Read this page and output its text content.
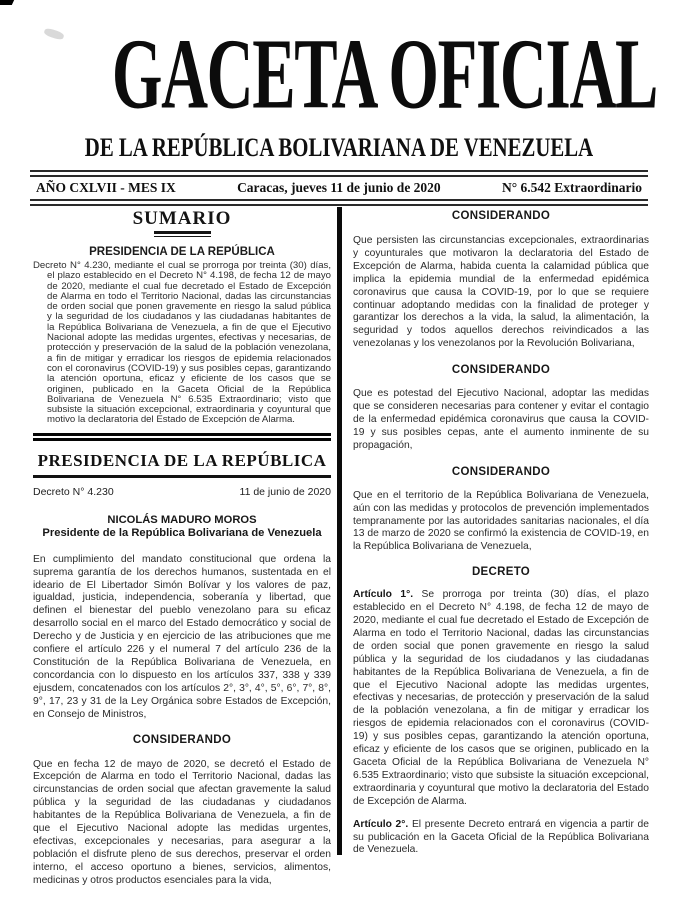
GACETA OFICIAL
DE LA REPÚBLICA BOLIVARIANA DE VENEZUELA
AÑO CXLVII - MES IX	Caracas, jueves 11 de junio de 2020	N° 6.542 Extraordinario
SUMARIO
PRESIDENCIA DE LA REPÚBLICA

Decreto N° 4.230, mediante el cual se prorroga por treinta (30) días, el plazo establecido en el Decreto N° 4.198, de fecha 12 de mayo de 2020, mediante el cual fue decretado el Estado de Excepción de Alarma en todo el Territorio Nacional, dadas las circunstancias de orden social que ponen gravemente en riesgo la salud pública y la seguridad de los ciudadanos y las ciudadanas habitantes de la República Bolivariana de Venezuela, a fin de que el Ejecutivo Nacional adopte las medidas urgentes, efectivas y necesarias, de protección y preservación de la salud de la población venezolana, a fin de mitigar y erradicar los riesgos de epidemia relacionados con el coronavirus (COVID-19) y sus posibles cepas, garantizando la atención oportuna, eficaz y eficiente de los casos que se originen, publicado en la Gaceta Oficial de la República Bolivariana de Venezuela N° 6.535 Extraordinario; visto que subsiste la situación excepcional, extraordinaria y coyuntural que motivo la declaratoria del Estado de Excepción de Alarma.

PRESIDENCIA DE LA REPÚBLICA
Decreto N° 4.230	11 de junio de 2020
NICOLÁS MADURO MOROS
Presidente de la República Bolivariana de Venezuela

En cumplimiento del mandato constitucional que ordena la suprema garantía de los derechos humanos, sustentada en el ideario de El Libertador Simón Bolívar y los valores de paz, igualdad, justicia, independencia, soberanía y libertad, que definen el bienestar del pueblo venezolano para su eficaz desarrollo social en el marco del Estado democrático y social de Derecho y de Justicia y en ejercicio de las atribuciones que me confiere el artículo 226 y el numeral 7 del artículo 236 de la Constitución de la República Bolivariana de Venezuela, en concordancia con lo dispuesto en los artículos 337, 338 y 339 ejusdem, concatenados con los artículos 2°, 3°, 4°, 5°, 6°, 7°, 8°, 9°, 17, 23 y 31 de la Ley Orgánica sobre Estados de Excepción, en Consejo de Ministros,

CONSIDERANDO

Que en fecha 12 de mayo de 2020, se decretó el Estado de Excepción de Alarma en todo el Territorio Nacional, dadas las circunstancias de orden social que afectan gravemente la salud pública y la seguridad de las ciudadanas y ciudadanos habitantes de la República Bolivariana de Venezuela, a fin de que el Ejecutivo Nacional adopte las medidas urgentes, efectivas, excepcionales y necesarias, para asegurar a la población el disfrute pleno de sus derechos, preservar el orden interno, el acceso oportuno a bienes, servicios, alimentos, medicinas y otros productos esenciales para la vida,

CONSIDERANDO

Que persisten las circunstancias excepcionales, extraordinarias y coyunturales que motivaron la declaratoria del Estado de Excepción de Alarma, habida cuenta la calamidad pública que implica la epidemia mundial de la enfermedad epidémica coronavirus que causa la COVID-19, por lo que se requiere continuar adoptando medidas con la finalidad de proteger y garantizar los derechos a la vida, la salud, la alimentación, la seguridad y todos aquellos derechos reivindicados a las venezolanas y los venezolanos por la Revolución Bolivariana,

CONSIDERANDO

Que es potestad del Ejecutivo Nacional, adoptar las medidas que se consideren necesarias para contener y evitar el contagio de la enfermedad epidémica coronavirus que causa la COVID-19 y sus posibles cepas, ante el aumento inminente de su propagación,

CONSIDERANDO

Que en el territorio de la República Bolivariana de Venezuela, aún con las medidas y protocolos de prevención implementados tempranamente por las autoridades sanitarias nacionales, el día 13 de marzo de 2020 se confirmó la existencia de COVID-19, en la República Bolivariana de Venezuela,

DECRETO

Artículo 1°. Se prorroga por treinta (30) días, el plazo establecido en el Decreto N° 4.198, de fecha 12 de mayo de 2020, mediante el cual fue decretado el Estado de Excepción de Alarma en todo el Territorio Nacional, dadas las circunstancias de orden social que ponen gravemente en riesgo la salud pública y la seguridad de los ciudadanos y las ciudadanas habitantes de la República Bolivariana de Venezuela, a fin de que el Ejecutivo Nacional adopte las medidas urgentes, efectivas y necesarias, de protección y preservación de la salud de la población venezolana, a fin de mitigar y erradicar los riesgos de epidemia relacionados con el coronavirus (COVID-19) y sus posibles cepas, garantizando la atención oportuna, eficaz y eficiente de los casos que se originen, publicado en la Gaceta Oficial de la República Bolivariana de Venezuela N° 6.535 Extraordinario; visto que subsiste la situación excepcional, extraordinaria y coyuntural que motivo la declaratoria del Estado de Excepción de Alarma.

Artículo 2°. El presente Decreto entrará en vigencia a partir de su publicación en la Gaceta Oficial de la República Bolivariana de Venezuela.
